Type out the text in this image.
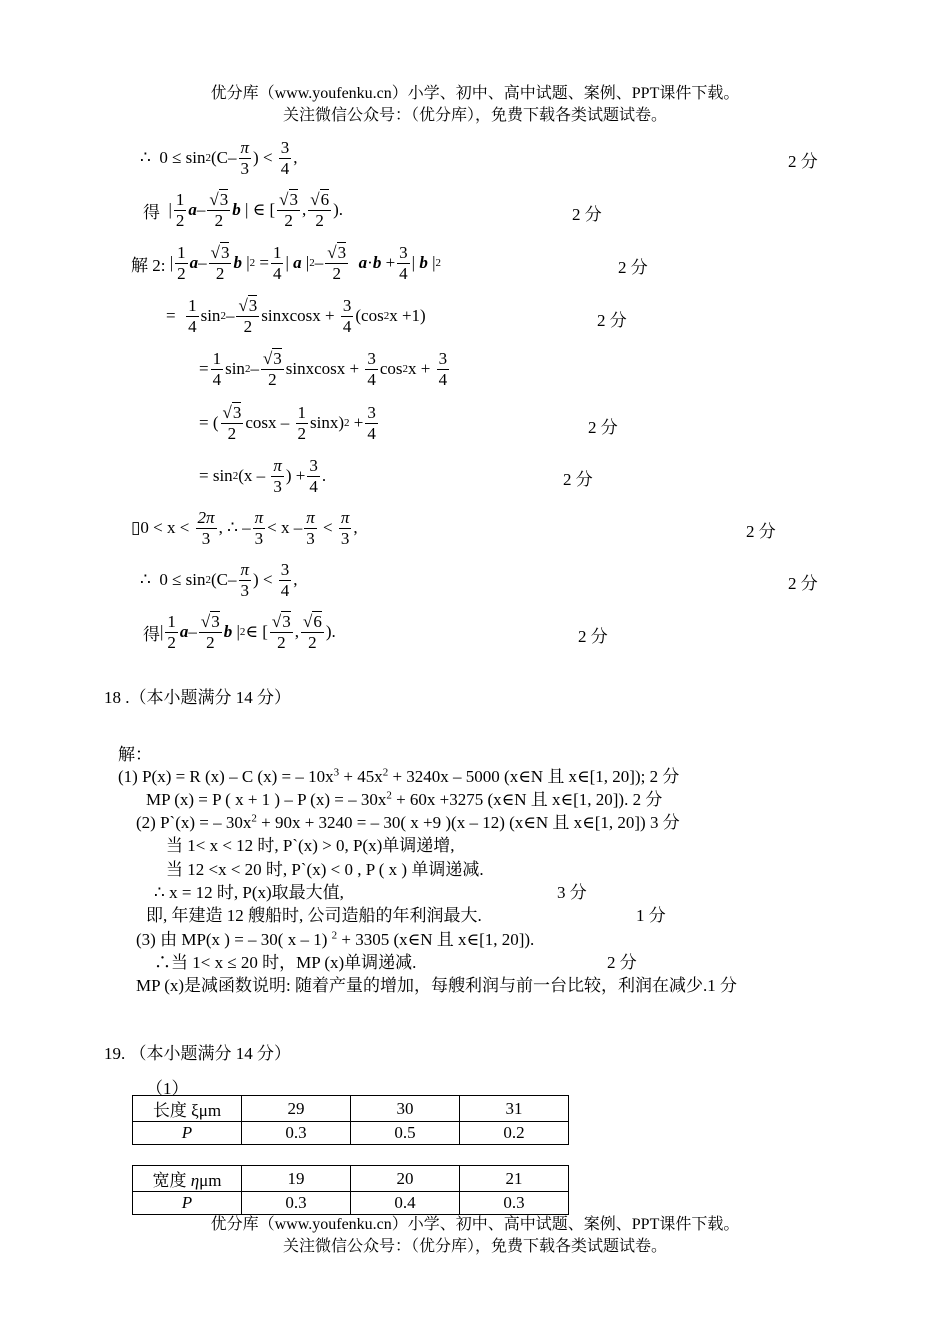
优分库（www.youfenku.cn）小学、初中、高中试题、案例、PPT课件下载。
关注微信公众号：（优分库），免费下载各类试题试卷。
∴
0 ≤ sin 2 ($C- \frac{\pi}{3}$ ) <
$\frac{3}{4}$ ,	2 分
得
| $\frac{1}{2}$ a –
√3
2
b
| ∈ [
√3
2
,
√6
2
).	2 分
解 2:
| $\frac{1}{2}$ a –
√3
2
b
| 2
= $\frac{1}{4}$ |
a
| 2 –
√3
2

a · b
+ $\frac{3}{4}$ |
b
| 2	2 分
=
$\frac{1}{4}$ sin 2 –
√3
2
sinxcosx +
$\frac{3}{4} (\cos$ 2 x +1)	2 分
= $\frac{1}{4}$ sin 2 –
√3
2
sinxcosx +
$\frac{3}{4}$ cos 2 x +
$\frac{3}{4}$
= (
√3
2
cosx –
$\frac{1}{2} \sin x$) 2
+ $\frac{3}{4}$	2 分
= sin 2 (x –
$\frac{\pi}{3}$ ) + $\frac{3}{4}$ .	2 分
▯0 < x <
$\frac{2\pi}{3}$ , ∴ – $\frac{\pi}{3} < x - \frac{\pi}{3}$
<
$\frac{\pi}{3}$ ,	2 分
∴
0 ≤ sin 2 ($C- \frac{\pi}{3}$ ) <
$\frac{3}{4}$ ,	2 分
得 | $\frac{1}{2}$ a –
√3
2
b
| 2 ∈ [
√3
2
,
√6
2
).	2 分
18 .（本小题满分 14 分）
解：
(1) P(x) = R (x) – C (x) = – $10x^3 + 45x^2 + 3240x - 5000$ (x∈N 且 x∈[1, 20]); 2 分
MP (x) = P ( x + 1 ) – P (x) = – $30x^2 + 60x +3275$ (x∈N 且 x∈[1, 20]). 2 分
(2) P`(x) = – $30x^2 + 90x + 3240$ = – 30( x +9 )(x – 12) (x∈N 且 x∈[1, 20]) 3 分
当 1< x < 12 时, P`(x) > 0, P(x)单调递增,
当 12 <x < 20 时, P`(x) < 0 , P ( x ) 单调递减.
∴ x = 12 时, P(x)取最大值,	3 分
即, 年建造 12 艘船时, 公司造船的年利润最大.	1 分
(3) 由 MP(x ) = – 30( x – 1) $^2$ + 3305 (x∈N 且 x∈[1, 20]).
∴当 1< x ≤ 20 时，MP (x)单调递减.	2 分
MP (x)是减函数说明: 随着产量的增加，每艘利润与前一台比较，利润在减少.1 分
19. （本小题满分 14 分）
（1）
长度 ξμm	29	30	31
P	0.3	0.5	0.2
宽度 ημm	19	20	21
P	0.3	0.4	0.3
优分库（www.youfenku.cn）小学、初中、高中试题、案例、PPT课件下载。
关注微信公众号：（优分库），免费下载各类试题试卷。
